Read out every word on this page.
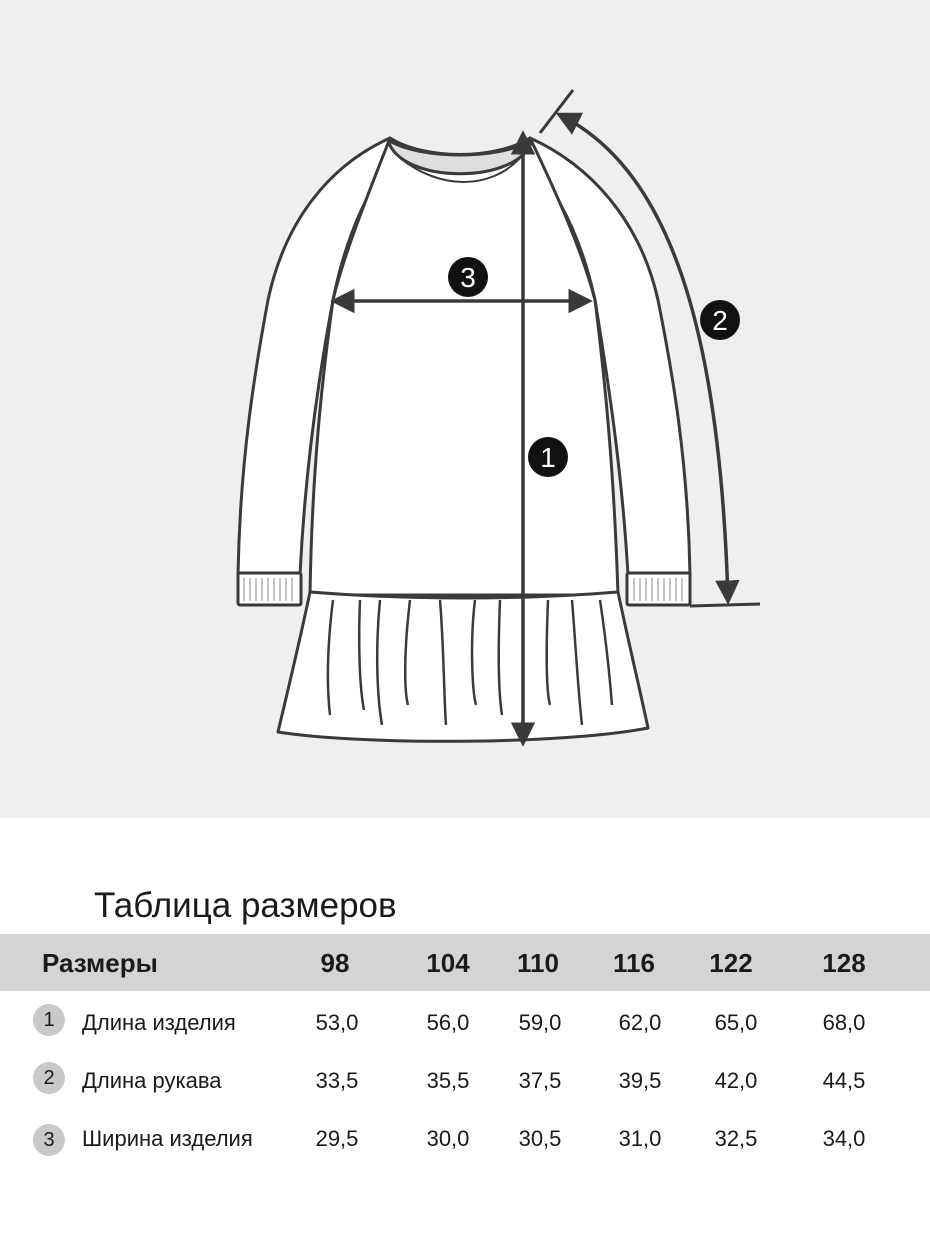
3
2
1
Таблица размеров
Размеры	98	104	110	116	122	128
1	Длина изделия	53,0	56,0	59,0	62,0	65,0	68,0
2	Длина рукава	33,5	35,5	37,5	39,5	42,0	44,5
3	Ширина изделия	29,5	30,0	30,5	31,0	32,5	34,0
